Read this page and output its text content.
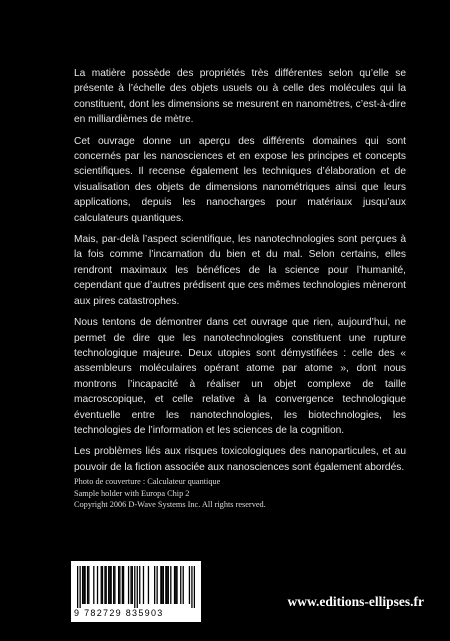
La matière possède des propriétés très différentes selon qu’elle se présente à l’échelle des objets usuels ou à celle des molécules qui la constituent, dont les dimensions se mesurent en nanomètres, c’est-à-dire en milliardièmes de mètre.

Cet ouvrage donne un aperçu des différents domaines qui sont concernés par les nanosciences et en expose les principes et concepts scientifiques. Il recense également les techniques d’élaboration et de visualisation des objets de dimensions nanométriques ainsi que leurs applications, depuis les nanocharges pour matériaux jusqu’aux calculateurs quantiques.

Mais, par-delà l’aspect scientifique, les nanotechnologies sont perçues à la fois comme l’incarnation du bien et du mal. Selon certains, elles rendront maximaux les bénéfices de la science pour l’humanité, cependant que d’autres prédisent que ces mêmes technologies mèneront aux pires catastrophes.

Nous tentons de démontrer dans cet ouvrage que rien, aujourd’hui, ne permet de dire que les nanotechnologies constituent une rupture technologique majeure. Deux utopies sont démystifiées : celle des « assembleurs moléculaires opérant atome par atome », dont nous montrons l’incapacité à réaliser un objet complexe de taille macroscopique, et celle relative à la convergence technologique éventuelle entre les nanotechnologies, les biotechnologies, les technologies de l’information et les sciences de la cognition.

Les problèmes liés aux risques toxicologiques des nanoparticules, et au pouvoir de la fiction associée aux nanosciences sont également abordés.

Photo de couverture : Calculateur quantique
Sample holder with Europa Chip 2
Copyright 2006 D-Wave Systems Inc. All rights reserved.
9 782729 835903
www.editions-ellipses.fr
